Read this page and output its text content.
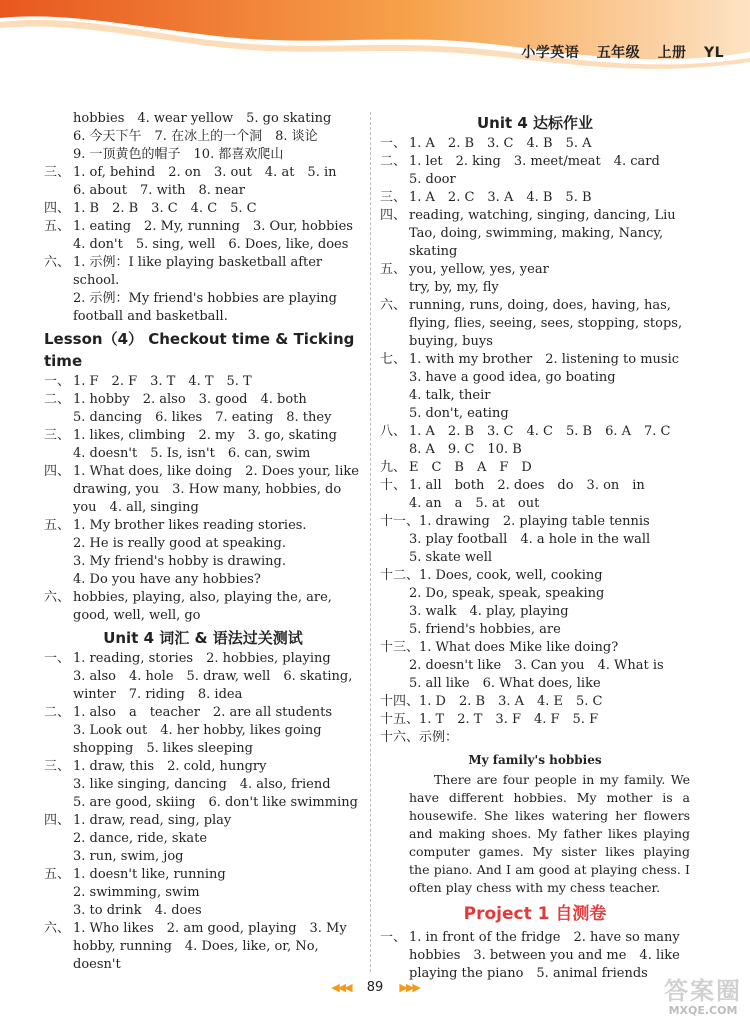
小学英语 五年级 上册 YL
hobbies　4. wear yellow　5. go skating
6. 今天下午　7. 在冰上的一个洞　8. 谈论
9. 一顶黄色的帽子　10. 都喜欢爬山
三、 1. of, behind　2. on　3. out　4. at　5. in
6. about　7. with　8. near
四、 1. B　2. B　3. C　4. C　5. C
五、 1. eating　2. My, running　3. Our, hobbies
4. don't　5. sing, well　6. Does, like, does
六、 1. 示例：I like playing basketball after school.
2. 示例：My friend's hobbies are playing football and basketball.
Lesson（4） Checkout time & Ticking time
一、 1. F　2. F　3. T　4. T　5. T
二、 1. hobby　2. also　3. good　4. both
5. dancing　6. likes　7. eating　8. they
三、 1. likes, climbing　2. my　3. go, skating
4. doesn't　5. Is, isn't　6. can, swim
四、 1. What does, like doing　2. Does your, like drawing, you　3. How many, hobbies, do you　4. all, singing
五、 1. My brother likes reading stories.
2. He is really good at speaking.
3. My friend's hobby is drawing.
4. Do you have any hobbies?
六、 hobbies, playing, also, playing the, are, good, well, well, go
Unit 4 词汇 & 语法过关测试
一、 1. reading, stories　2. hobbies, playing
3. also　4. hole　5. draw, well　6. skating, winter　7. riding　8. idea
二、 1. also　a　teacher　2. are all students
3. Look out　4. her hobby, likes going shopping　5. likes sleeping
三、 1. draw, this　2. cold, hungry
3. like singing, dancing　4. also, friend
5. are good, skiing　6. don't like swimming
四、 1. draw, read, sing, play
2. dance, ride, skate
3. run, swim, jog
五、 1. doesn't like, running
2. swimming, swim
3. to drink　4. does
六、 1. Who likes　2. am good, playing　3. My hobby, running　4. Does, like, or, No, doesn't
Unit 4 达标作业
一、 1. A　2. B　3. C　4. B　5. A
二、 1. let　2. king　3. meet/meat　4. card
5. door
三、 1. A　2. C　3. A　4. B　5. B
四、 reading, watching, singing, dancing, Liu Tao, doing, swimming, making, Nancy, skating
五、 you, yellow, yes, year
try, by, my, fly
六、 running, runs, doing, does, having, has, flying, flies, seeing, sees, stopping, stops, buying, buys
七、 1. with my brother　2. listening to music
3. have a good idea, go boating
4. talk, their
5. don't, eating
八、 1. A　2. B　3. C　4. C　5. B　6. A　7. C
8. A　9. C　10. B
九、 E　C　B　A　F　D
十、 1. all　both　2. does　do　3. on　in
4. an　a　5. at　out
十一、 1. drawing　2. playing table tennis
3. play football　4. a hole in the wall
5. skate well
十二、 1. Does, cook, well, cooking
2. Do, speak, speak, speaking
3. walk　4. play, playing
5. friend's hobbies, are
十三、 1. What does Mike like doing?
2. doesn't like　3. Can you　4. What is
5. all like　6. What does, like
十四、 1. D　2. B　3. A　4. E　5. C
十五、 1. T　2. T　3. F　4. F　5. F
十六、 示例：
My family's hobbies

There are four people in my family. We have different hobbies. My mother is a housewife. She likes watering her flowers and making shoes. My father likes playing computer games. My sister likes playing the piano. And I am good at playing chess. I often play chess with my chess teacher.

Project 1 自测卷
一、 1. in front of the fridge　2. have so many hobbies　3. between you and me　4. like playing the piano　5. animal friends
◀◀◀ 89 ▶▶▶	答案圈
MXQE.COM
